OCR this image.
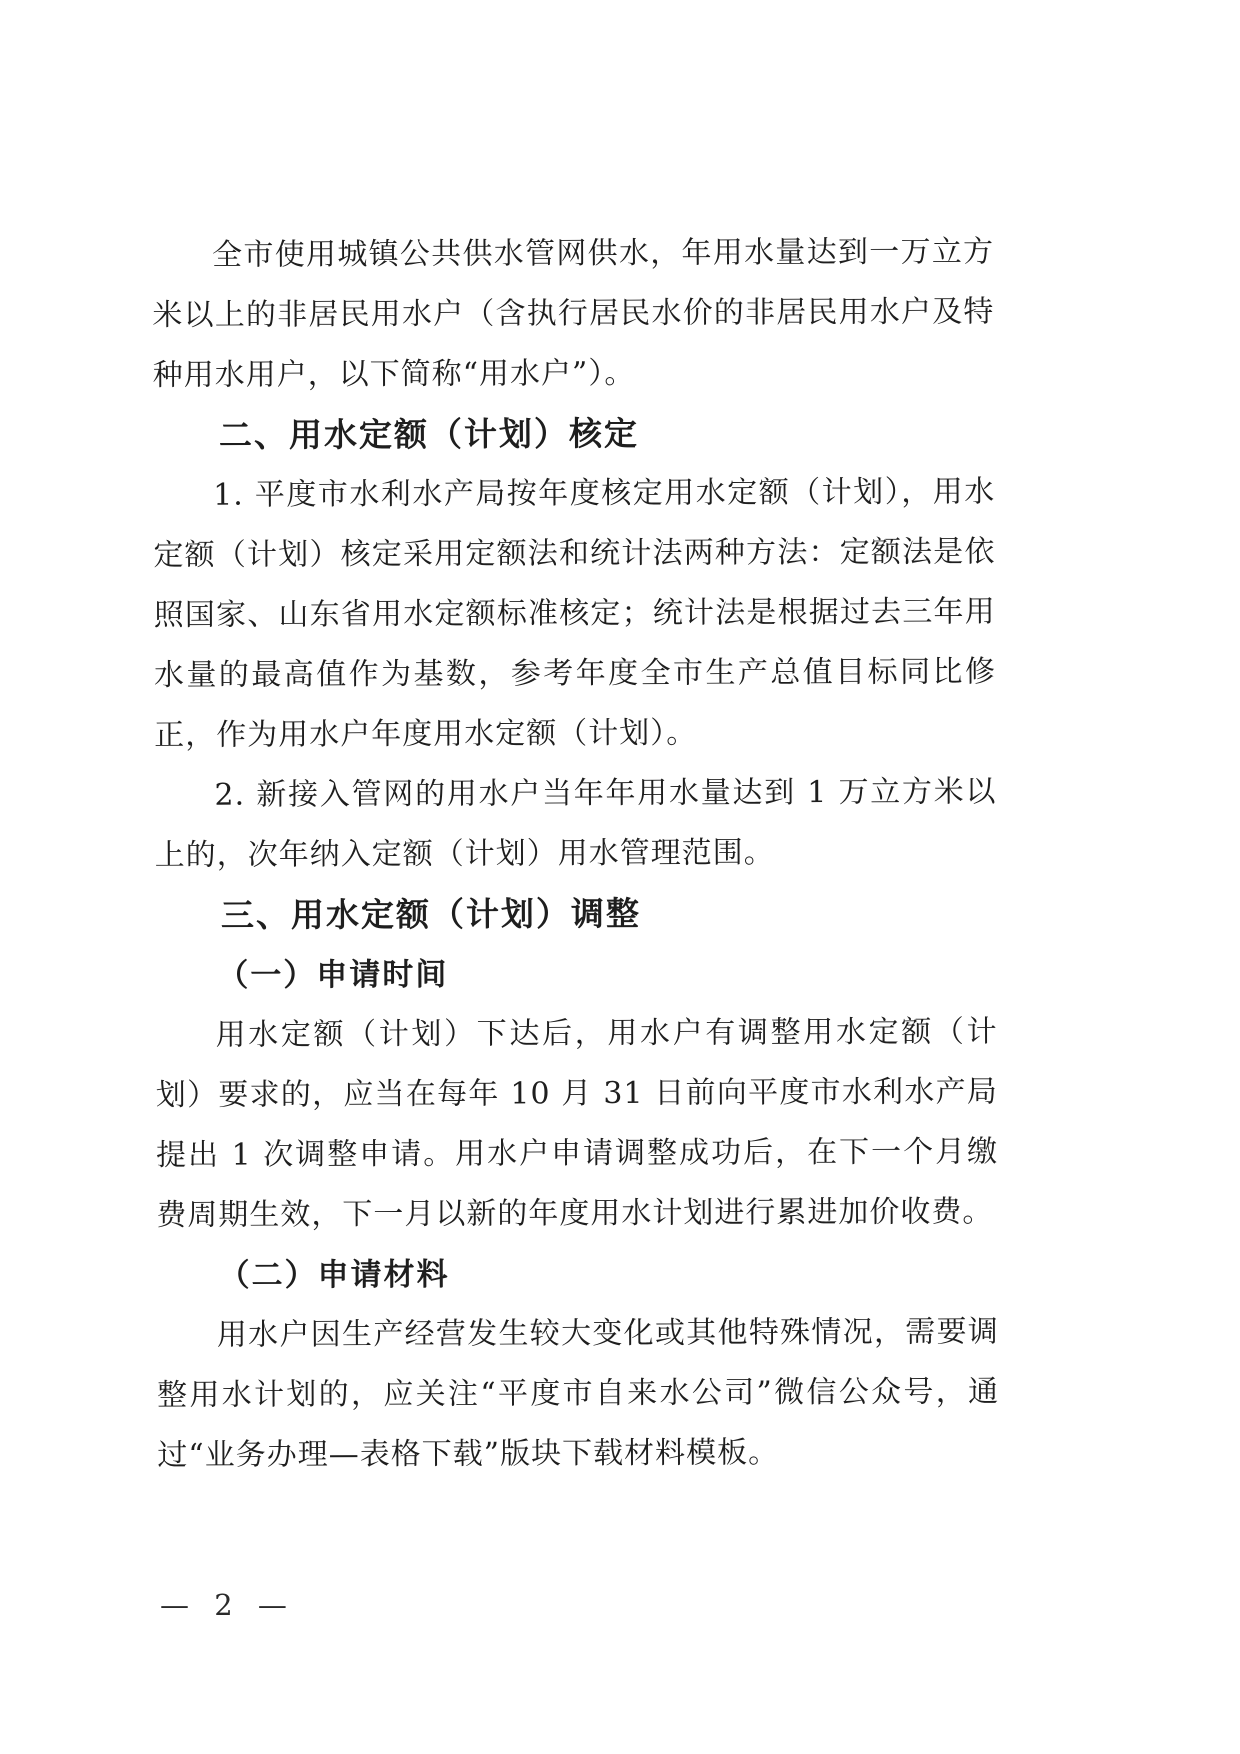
全市使用城镇公共供水管网供水，年用水量达到一万立方米以上的非居民用水户（含执行居民水价的非居民用水户及特种用水用户，以下简称“用水户”）。

二、用水定额（计划）核定

1. 平度市水利水产局按年度核定用水定额（计划），用水定额（计划）核定采用定额法和统计法两种方法：定额法是依照国家、山东省用水定额标准核定；统计法是根据过去三年用水量的最高值作为基数，参考年度全市生产总值目标同比修正，作为用水户年度用水定额（计划）。

2. 新接入管网的用水户当年年用水量达到 1 万立方米以上的，次年纳入定额（计划）用水管理范围。

三、用水定额（计划）调整

（一）申请时间

用水定额（计划）下达后，用水户有调整用水定额（计划）要求的，应当在每年 10 月 31 日前向平度市水利水产局提出 1 次调整申请。用水户申请调整成功后，在下一个月缴费周期生效，下一月以新的年度用水计划进行累进加价收费。

（二）申请材料

用水户因生产经营发生较大变化或其他特殊情况，需要调整用水计划的，应关注“平度市自来水公司”微信公众号，通过“业务办理—表格下载”版块下载材料模板。

— 2 —
